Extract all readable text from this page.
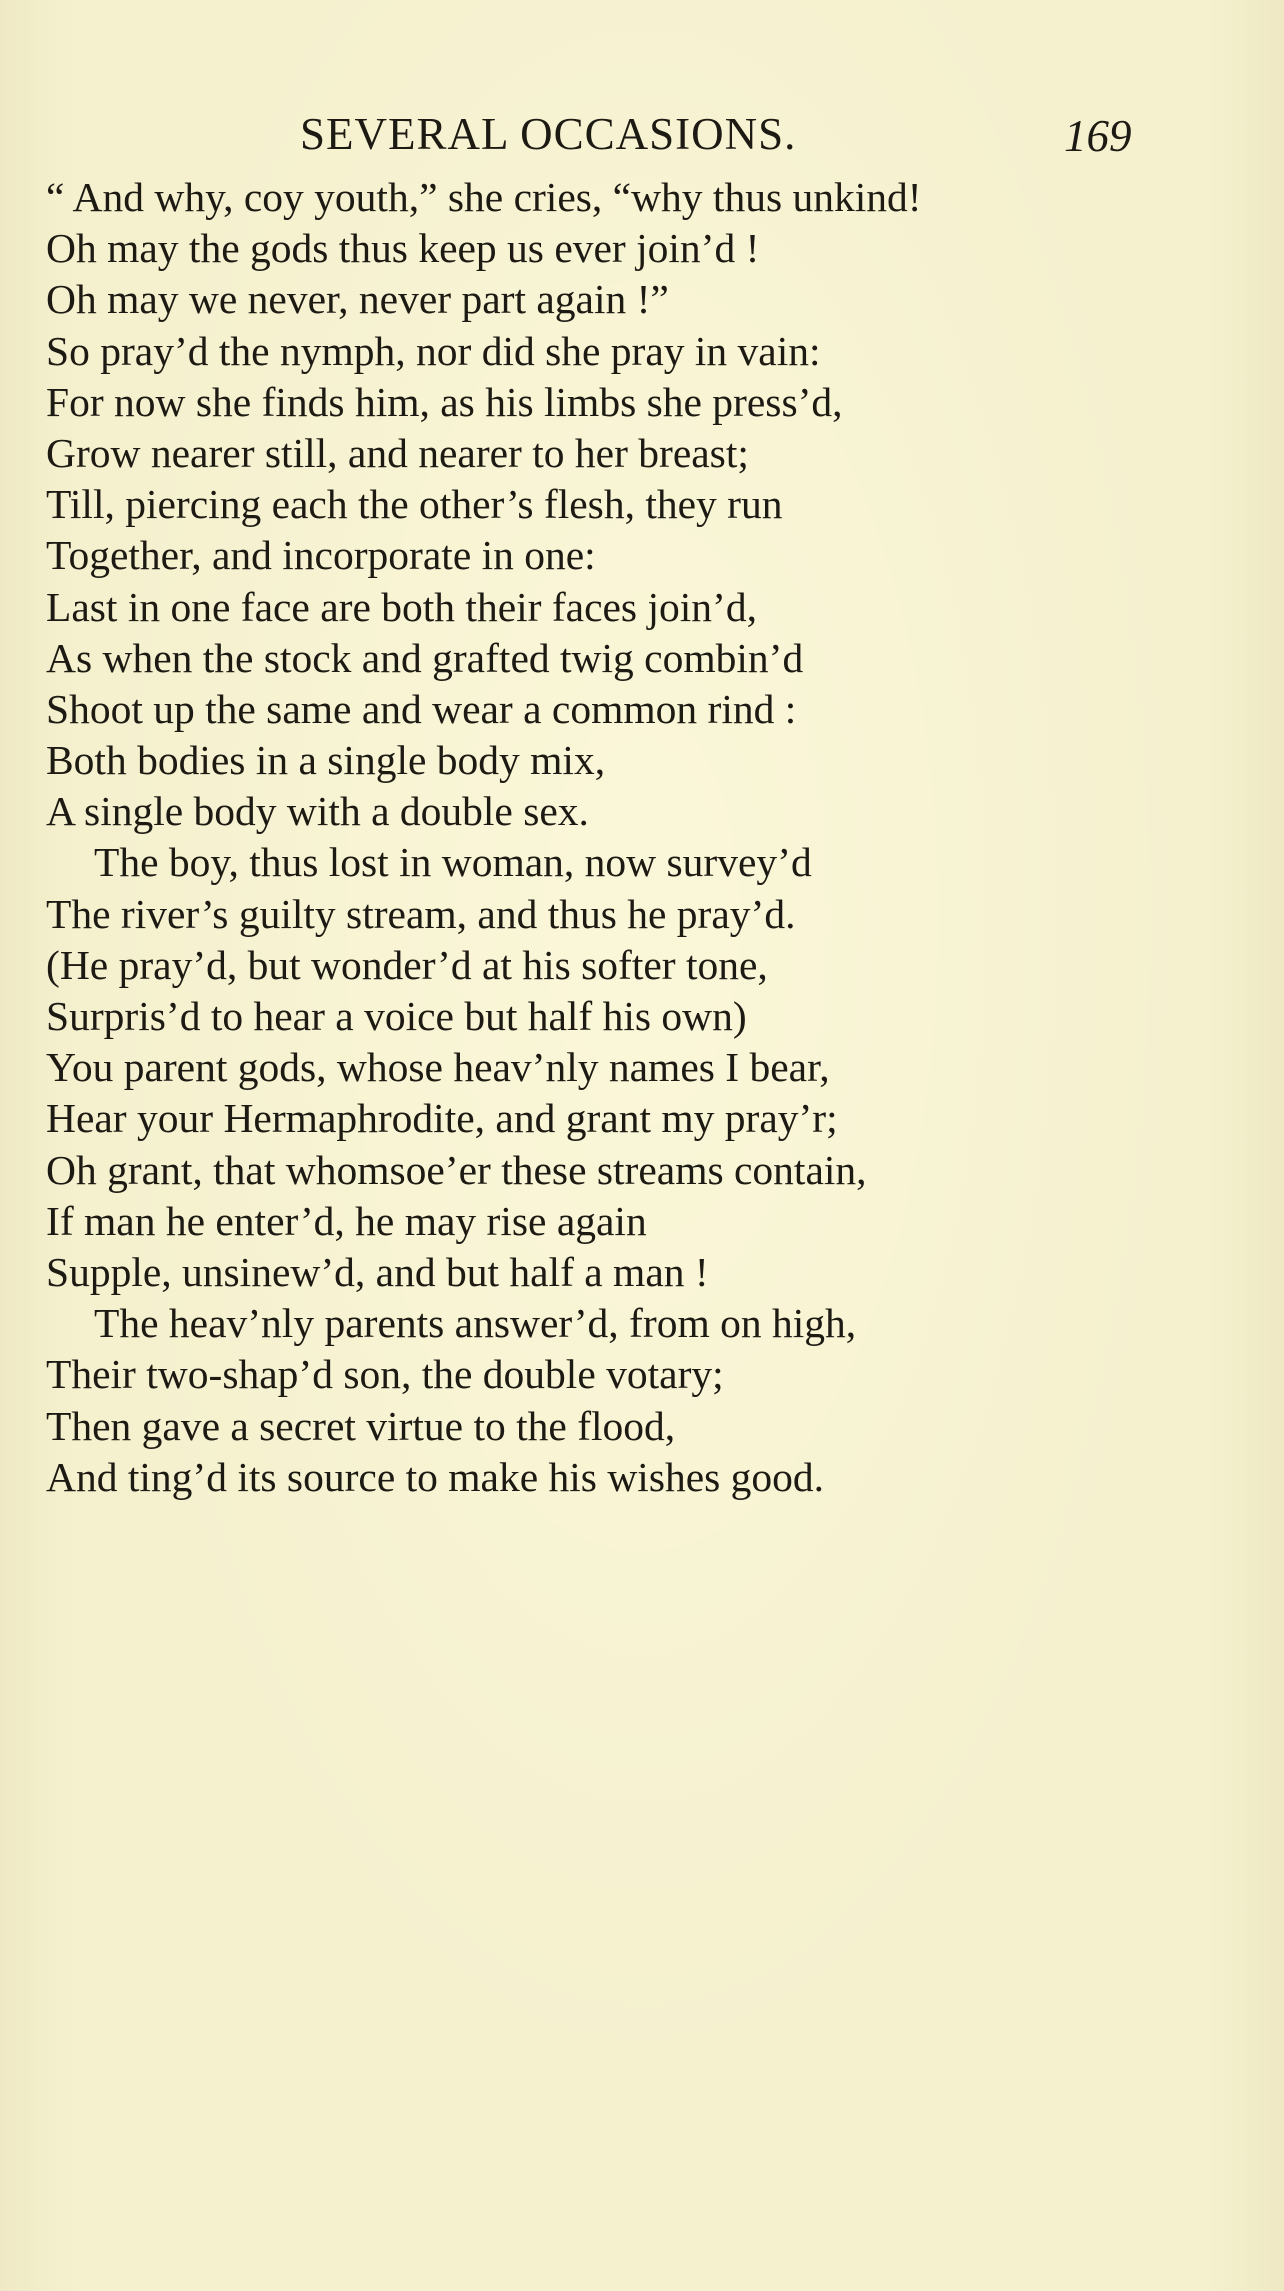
SEVERAL OCCASIONS.	169
“ And why, coy youth,” she cries, “why thus unkind!
Oh may the gods thus keep us ever join’d !
Oh may we never, never part again !”
So pray’d the nymph, nor did she pray in vain:
For now she finds him, as his limbs she press’d,
Grow nearer still, and nearer to her breast;
Till, piercing each the other’s flesh, they run
Together, and incorporate in one:
Last in one face are both their faces join’d,
As when the stock and grafted twig combin’d
Shoot up the same and wear a common rind :
Both bodies in a single body mix,
A single body with a double sex.
The boy, thus lost in woman, now survey’d
The river’s guilty stream, and thus he pray’d.
(He pray’d, but wonder’d at his softer tone,
Surpris’d to hear a voice but half his own)
You parent gods, whose heav’nly names I bear,
Hear your Hermaphrodite, and grant my pray’r;
Oh grant, that whomsoe’er these streams contain,
If man he enter’d, he may rise again
Supple, unsinew’d, and but half a man !
The heav’nly parents answer’d, from on high,
Their two-shap’d son, the double votary;
Then gave a secret virtue to the flood,
And ting’d its source to make his wishes good.
